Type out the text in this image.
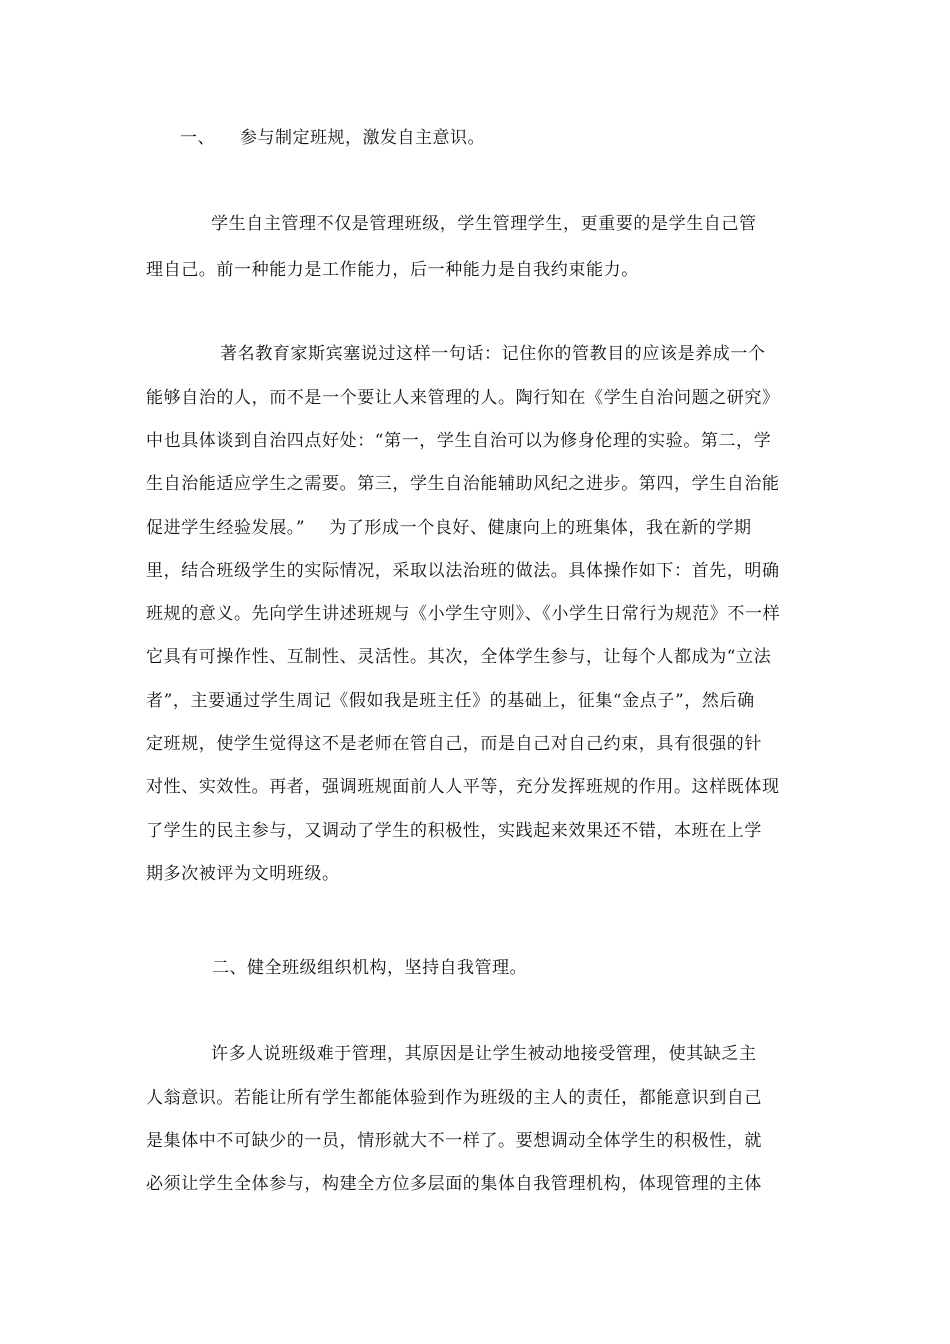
一、 参与制定班规，激发自主意识。
学生自主管理不仅是管理班级，学生管理学生，更重要的是学生自己管
理自己。前一种能力是工作能力，后一种能力是自我约束能力。
著名教育家斯宾塞说过这样一句话：记住你的管教目的应该是养成一个
能够自治的人，而不是一个要让人来管理的人。陶行知在《学生自治问题之研究》
中也具体谈到自治四点好处：“第一，学生自治可以为修身伦理的实验。第二，学
生自治能适应学生之需要。第三，学生自治能辅助风纪之进步。第四，学生自治能
促进学生经验发展。”    为了形成一个良好、健康向上的班集体，我在新的学期
里，结合班级学生的实际情况，采取以法治班的做法。具体操作如下：首先，明确
班规的意义。先向学生讲述班规与《小学生守则》、《小学生日常行为规范》不一样
它具有可操作性、互制性、灵活性。其次，全体学生参与，让每个人都成为“立法
者”，主要通过学生周记《假如我是班主任》的基础上，征集“金点子”，然后确
定班规，使学生觉得这不是老师在管自己，而是自己对自己约束，具有很强的针
对性、实效性。再者，强调班规面前人人平等，充分发挥班规的作用。这样既体现
了学生的民主参与，又调动了学生的积极性，实践起来效果还不错，本班在上学
期多次被评为文明班级。
二、健全班级组织机构，坚持自我管理。
许多人说班级难于管理，其原因是让学生被动地接受管理，使其缺乏主
人翁意识。若能让所有学生都能体验到作为班级的主人的责任，都能意识到自己
是集体中不可缺少的一员，情形就大不一样了。要想调动全体学生的积极性，就
必须让学生全体参与，构建全方位多层面的集体自我管理机构，体现管理的主体
